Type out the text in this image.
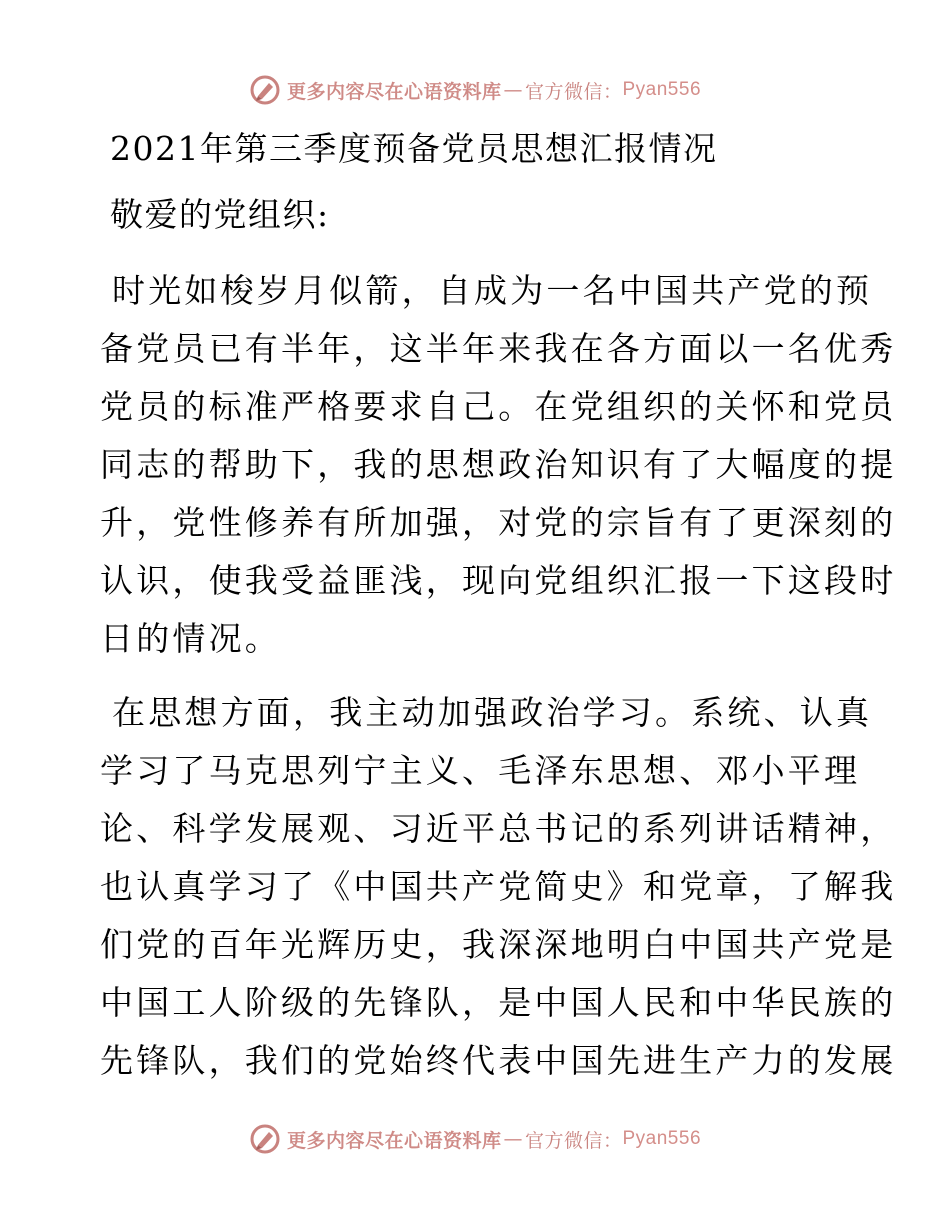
更多内容尽在心语资料库 — 官方微信： Pyan556
2021年第三季度预备党员思想汇报情况
敬爱的党组织:
时光如梭岁月似箭，自成为一名中国共产党的预
备党员已有半年，这半年来我在各方面以一名优秀
党员的标准严格要求自己。在党组织的关怀和党员
同志的帮助下，我的思想政治知识有了大幅度的提
升，党性修养有所加强，对党的宗旨有了更深刻的
认识，使我受益匪浅，现向党组织汇报一下这段时
日的情况。
在思想方面，我主动加强政治学习。系统、认真
学习了马克思列宁主义、毛泽东思想、邓小平理
论、科学发展观、习近平总书记的系列讲话精神，
也认真学习了《中国共产党简史》和党章，了解我
们党的百年光辉历史，我深深地明白中国共产党是
中国工人阶级的先锋队，是中国人民和中华民族的
先锋队，我们的党始终代表中国先进生产力的发展
更多内容尽在心语资料库 — 官方微信： Pyan556
